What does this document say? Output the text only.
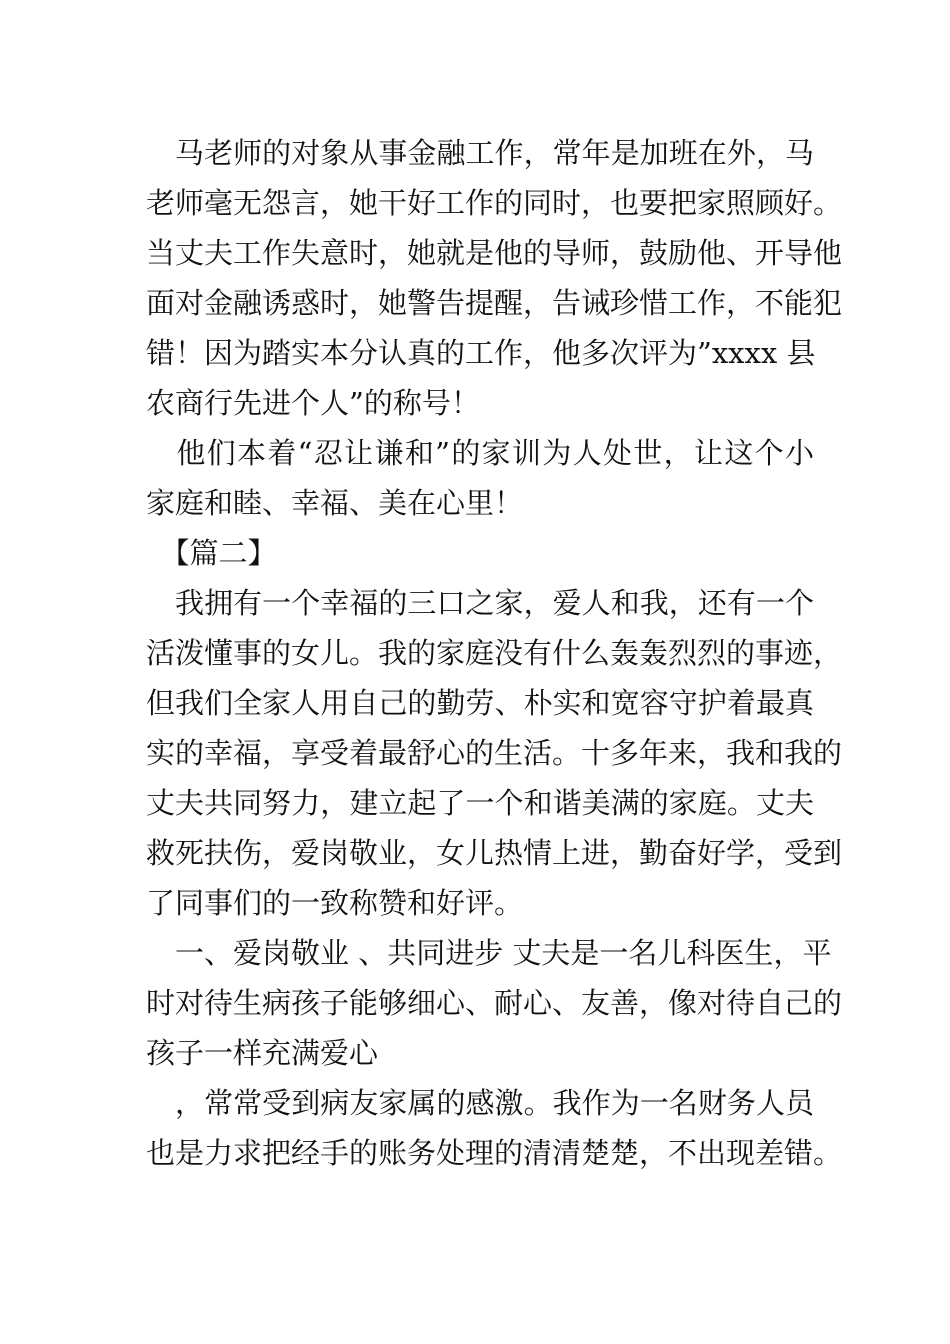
　马老师的对象从事金融工作，常年是加班在外，马
老师毫无怨言，她干好工作的同时，也要把家照顾好。
当丈夫工作失意时，她就是他的导师，鼓励他、开导他
面对金融诱惑时，她警告提醒，告诫珍惜工作，不能犯
错！因为踏实本分认真的工作，他多次评为”xxxx 县
农商行先进个人”的称号！
　他们本着“忍让谦和”的家训为人处世，让这个小
家庭和睦、幸福、美在心里！
　【篇二】
　我拥有一个幸福的三口之家，爱人和我，还有一个
活泼懂事的女儿。我的家庭没有什么轰轰烈烈的事迹，
但我们全家人用自己的勤劳、朴实和宽容守护着最真
实的幸福，享受着最舒心的生活。十多年来，我和我的
丈夫共同努力，建立起了一个和谐美满的家庭。丈夫
救死扶伤，爱岗敬业，女儿热情上进，勤奋好学，受到
了同事们的一致称赞和好评。
　一、爱岗敬业 、共同进步 丈夫是一名儿科医生，平
时对待生病孩子能够细心、耐心、友善，像对待自己的
孩子一样充满爱心
　，常常受到病友家属的感激。我作为一名财务人员
也是力求把经手的账务处理的清清楚楚，不出现差错。
